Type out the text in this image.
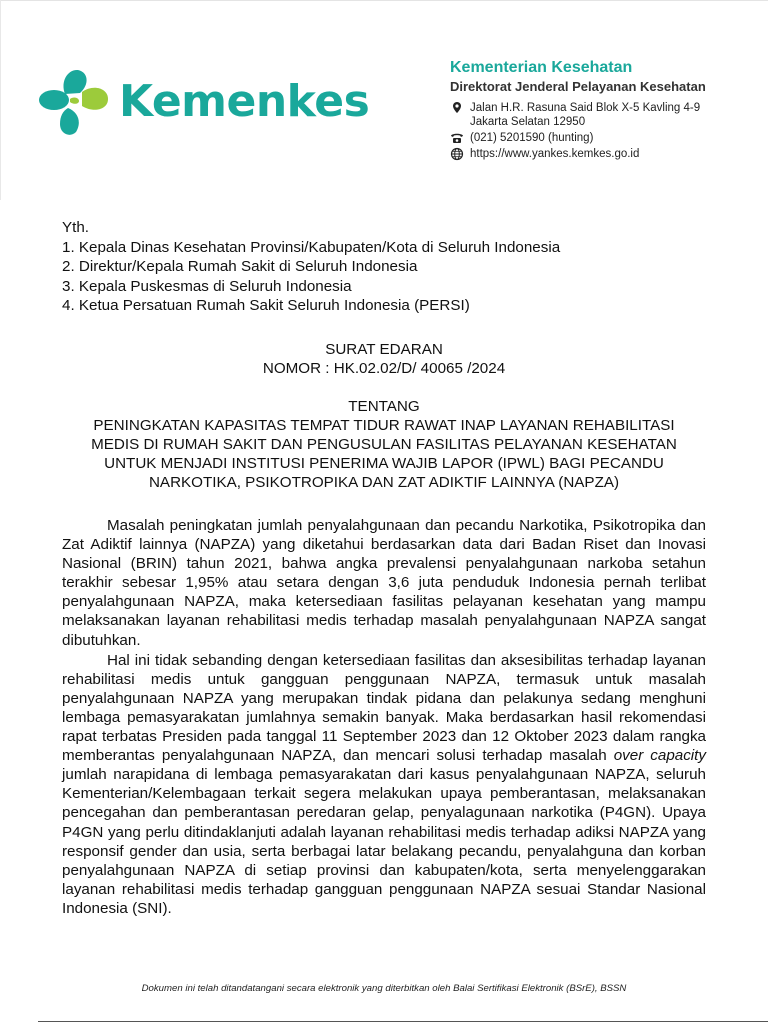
Kemenkes

Kementerian Kesehatan

Direktorat Jenderal Pelayanan Kesehatan

Jalan H.R. Rasuna Said Blok X-5 Kavling 4-9
Jakarta Selatan 12950
(021) 5201590 (hunting)
https://www.yankes.kemkes.go.id

Yth.

1. Kepala Dinas Kesehatan Provinsi/Kabupaten/Kota di Seluruh Indonesia

2. Direktur/Kepala Rumah Sakit di Seluruh Indonesia

3. Kepala Puskesmas di Seluruh Indonesia

4. Ketua Persatuan Rumah Sakit Seluruh Indonesia (PERSI)

SURAT EDARAN

NOMOR : HK.02.02/D/ 40065 /2024

TENTANG

PENINGKATAN KAPASITAS TEMPAT TIDUR RAWAT INAP LAYANAN REHABILITASI

MEDIS DI RUMAH SAKIT DAN PENGUSULAN FASILITAS PELAYANAN KESEHATAN

UNTUK MENJADI INSTITUSI PENERIMA WAJIB LAPOR (IPWL) BAGI PECANDU

NARKOTIKA, PSIKOTROPIKA DAN ZAT ADIKTIF LAINNYA (NAPZA)

Masalah peningkatan jumlah penyalahgunaan dan pecandu Narkotika, Psikotropika dan Zat Adiktif lainnya (NAPZA) yang diketahui berdasarkan data dari Badan Riset dan Inovasi Nasional (BRIN) tahun 2021, bahwa angka prevalensi penyalahgunaan narkoba setahun terakhir sebesar 1,95% atau setara dengan 3,6 juta penduduk Indonesia pernah terlibat penyalahgunaan NAPZA, maka ketersediaan fasilitas pelayanan kesehatan yang mampu melaksanakan layanan rehabilitasi medis terhadap masalah penyalahgunaan NAPZA sangat dibutuhkan.

Hal ini tidak sebanding dengan ketersediaan fasilitas dan aksesibilitas terhadap layanan rehabilitasi medis untuk gangguan penggunaan NAPZA, termasuk untuk masalah penyalahgunaan NAPZA yang merupakan tindak pidana dan pelakunya sedang menghuni lembaga pemasyarakatan jumlahnya semakin banyak. Maka berdasarkan hasil rekomendasi rapat terbatas Presiden pada tanggal 11 September 2023 dan 12 Oktober 2023 dalam rangka memberantas penyalahgunaan NAPZA, dan mencari solusi terhadap masalah over capacity jumlah narapidana di lembaga pemasyarakatan dari kasus penyalahgunaan NAPZA, seluruh Kementerian/Kelembagaan terkait segera melakukan upaya pemberantasan, melaksanakan pencegahan dan pemberantasan peredaran gelap, penyalagunaan narkotika (P4GN). Upaya P4GN yang perlu ditindaklanjuti adalah layanan rehabilitasi medis terhadap adiksi NAPZA yang responsif gender dan usia, serta berbagai latar belakang pecandu, penyalahguna dan korban penyalahgunaan NAPZA di setiap provinsi dan kabupaten/kota, serta menyelenggarakan layanan rehabilitasi medis terhadap gangguan penggunaan NAPZA sesuai Standar Nasional Indonesia (SNI).

Dokumen ini telah ditandatangani secara elektronik yang diterbitkan oleh Balai Sertifikasi Elektronik (BSrE), BSSN
